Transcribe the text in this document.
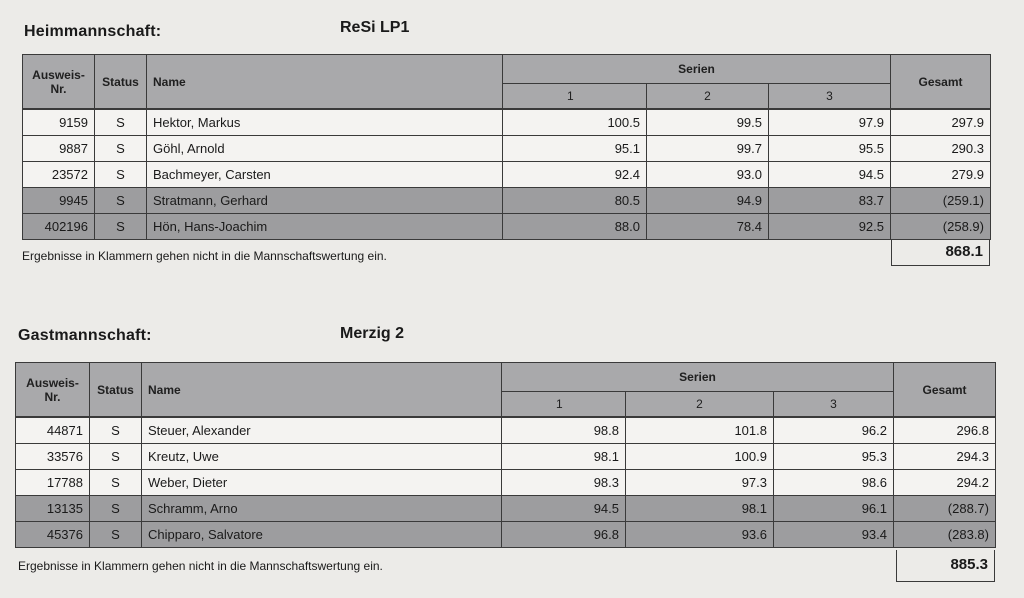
Heimmannschaft:	ReSi LP1
Ausweis-
Nr.	Status	Name	Serien			Gesamt
			1	2	3	
9159	S	Hektor, Markus	100.5	99.5	97.9	297.9
9887	S	Göhl, Arnold	95.1	99.7	95.5	290.3
23572	S	Bachmeyer, Carsten	92.4	93.0	94.5	279.9
9945	S	Stratmann, Gerhard	80.5	94.9	83.7	(259.1)
402196	S	Hön, Hans-Joachim	88.0	78.4	92.5	(258.9)
Ergebnisse in Klammern gehen nicht in die Mannschaftswertung ein.	868.1
Gastmannschaft:	Merzig 2
Ausweis-
Nr.	Status	Name	Serien			Gesamt
			1	2	3	
44871	S	Steuer, Alexander	98.8	101.8	96.2	296.8
33576	S	Kreutz, Uwe	98.1	100.9	95.3	294.3
17788	S	Weber, Dieter	98.3	97.3	98.6	294.2
13135	S	Schramm, Arno	94.5	98.1	96.1	(288.7)
45376	S	Chipparo, Salvatore	96.8	93.6	93.4	(283.8)
Ergebnisse in Klammern gehen nicht in die Mannschaftswertung ein.	885.3
